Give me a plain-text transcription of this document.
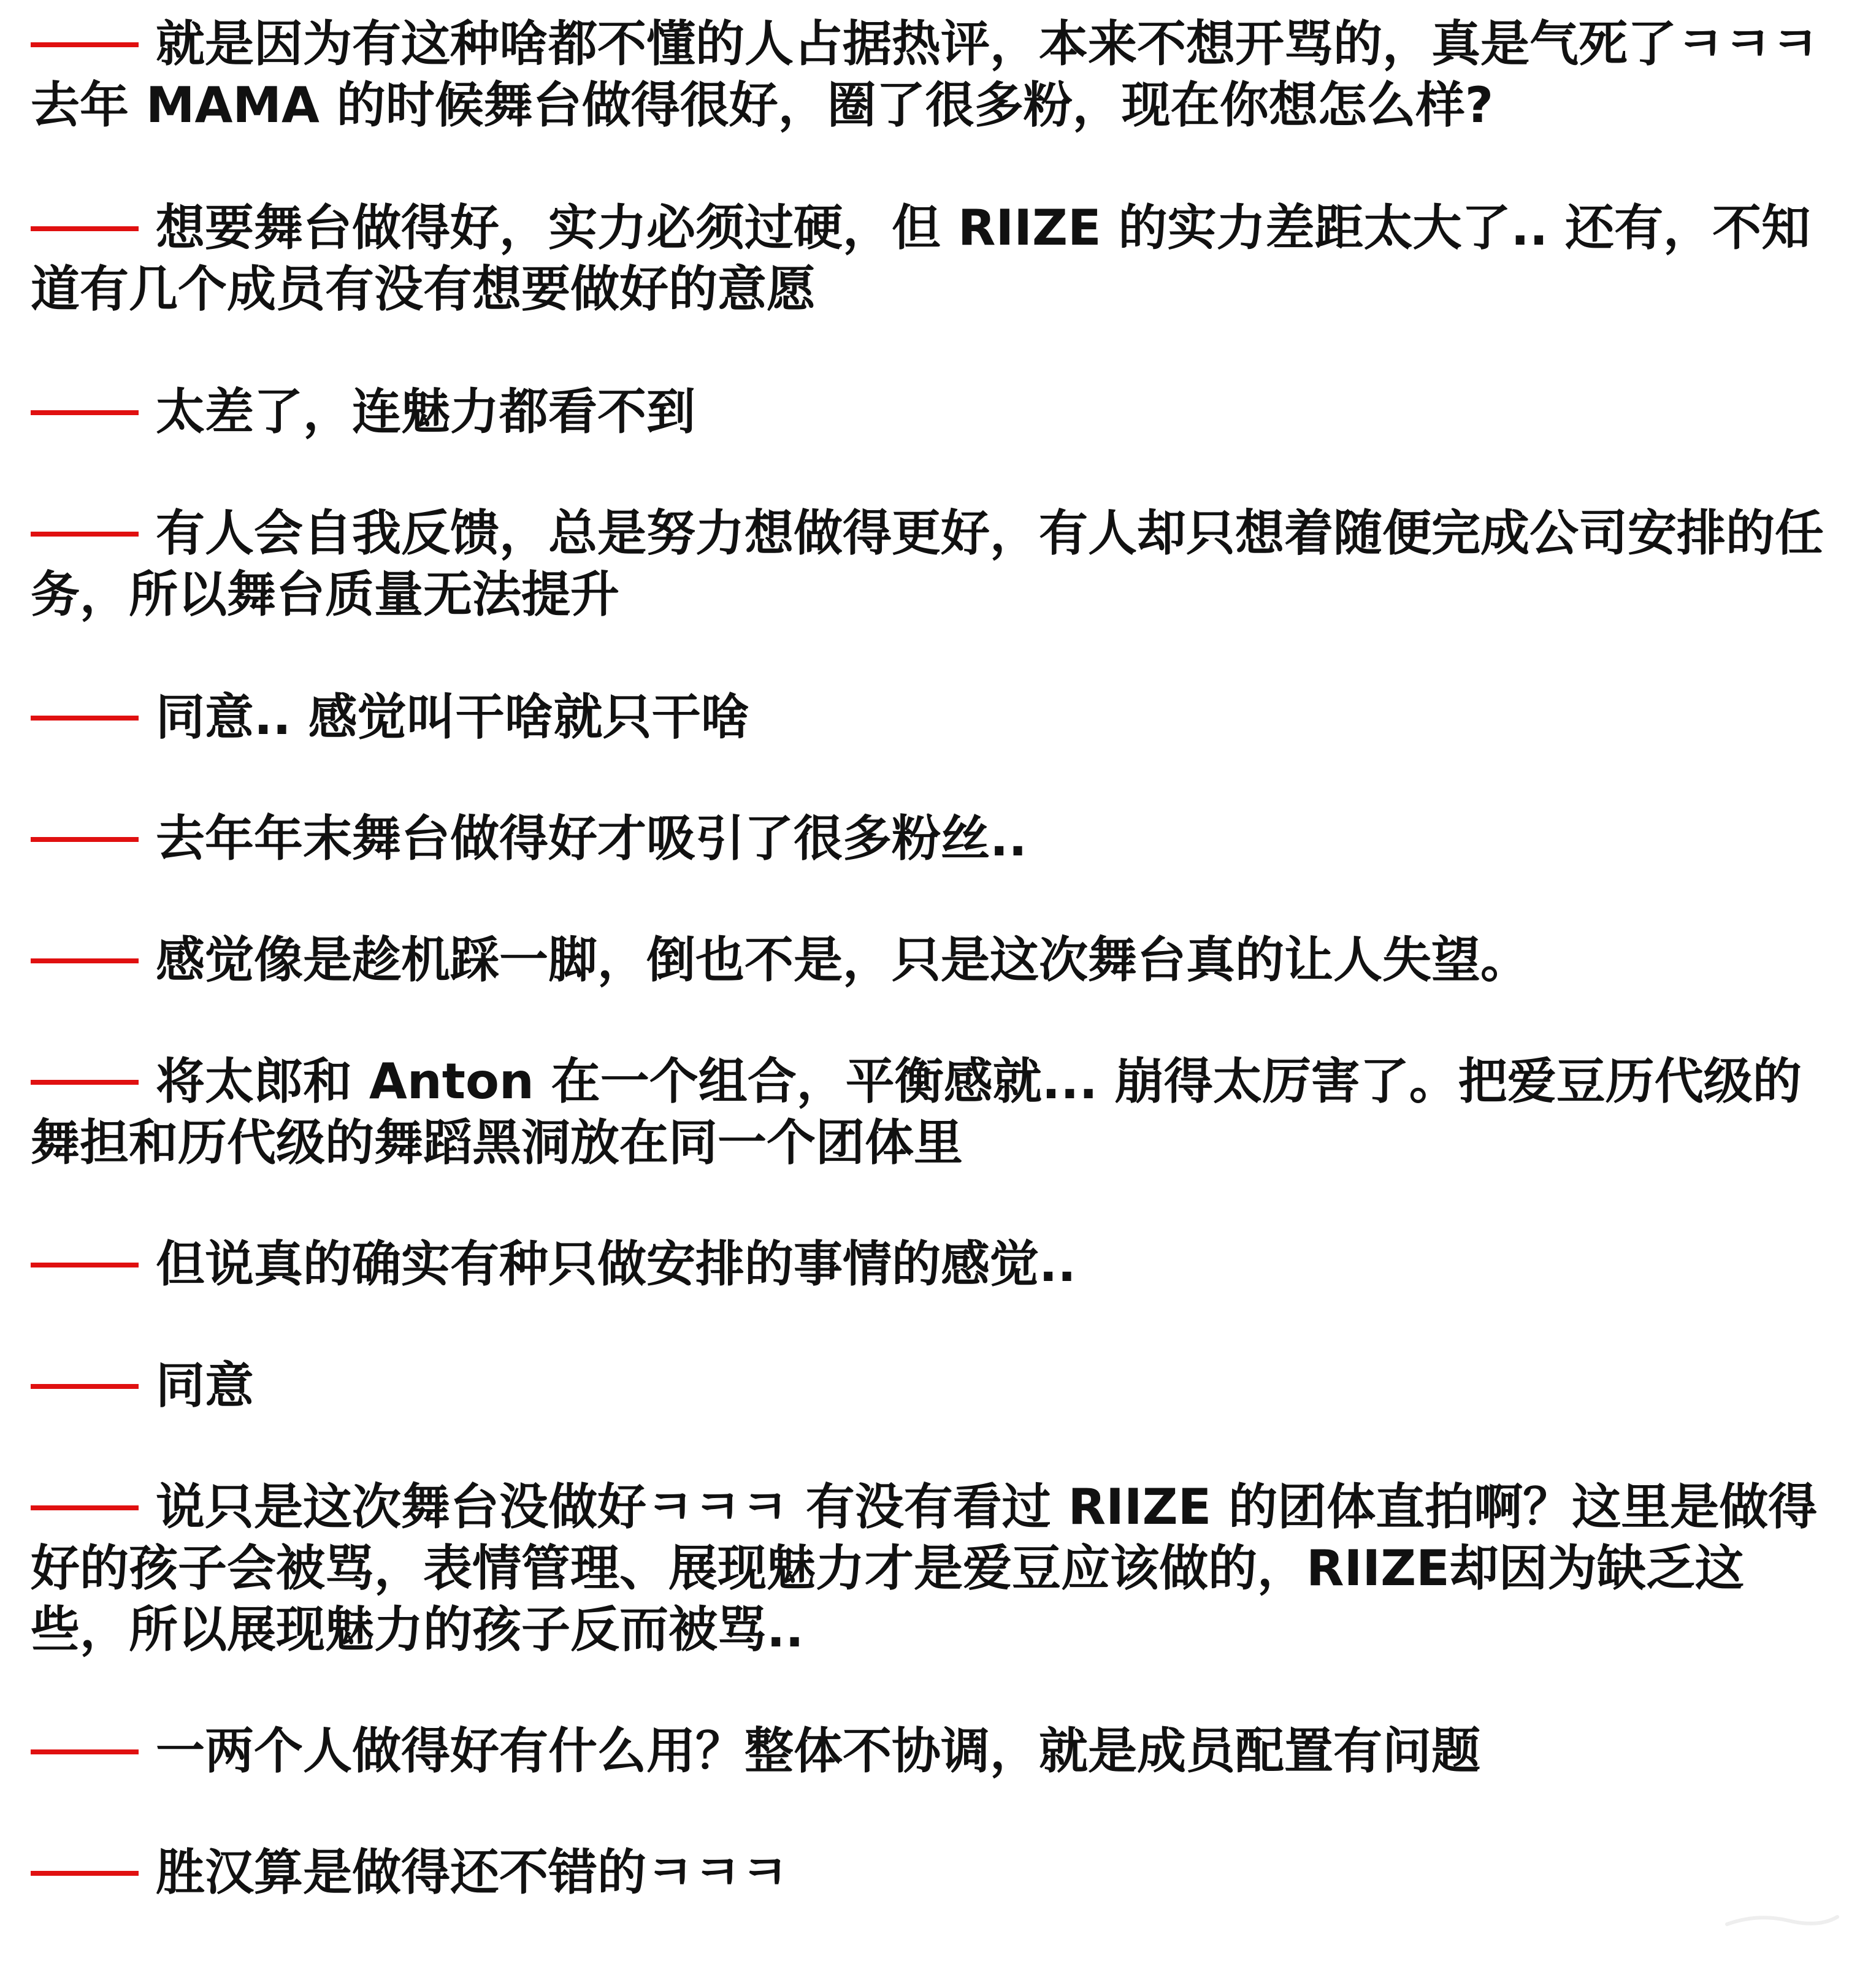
就是因为有这种啥都不懂的人占据热评，本来不想开骂的，真是气死了ㅋㅋㅋ 去年 MAMA 的时候舞台做得很好，圈了很多粉，现在你想怎么样?
想要舞台做得好，实力必须过硬，但 RIIZE 的实力差距太大了.. 还有，不知道有几个成员有没有想要做好的意愿
太差了，连魅力都看不到
有人会自我反馈，总是努力想做得更好，有人却只想着随便完成公司安排的任务，所以舞台质量无法提升
同意.. 感觉叫干啥就只干啥
去年年末舞台做得好才吸引了很多粉丝..
感觉像是趁机踩一脚，倒也不是，只是这次舞台真的让人失望。
将太郎和 Anton 在一个组合，平衡感就... 崩得太厉害了。把爱豆历代级的舞担和历代级的舞蹈黑洞放在同一个团体里
但说真的确实有种只做安排的事情的感觉..
同意
说只是这次舞台没做好ㅋㅋㅋ 有没有看过 RIIZE 的团体直拍啊？这里是做得好的孩子会被骂，表情管理、展现魅力才是爱豆应该做的，RIIZE却因为缺乏这些，所以展现魅力的孩子反而被骂..
一两个人做得好有什么用？整体不协调，就是成员配置有问题
胜汉算是做得还不错的ㅋㅋㅋ
